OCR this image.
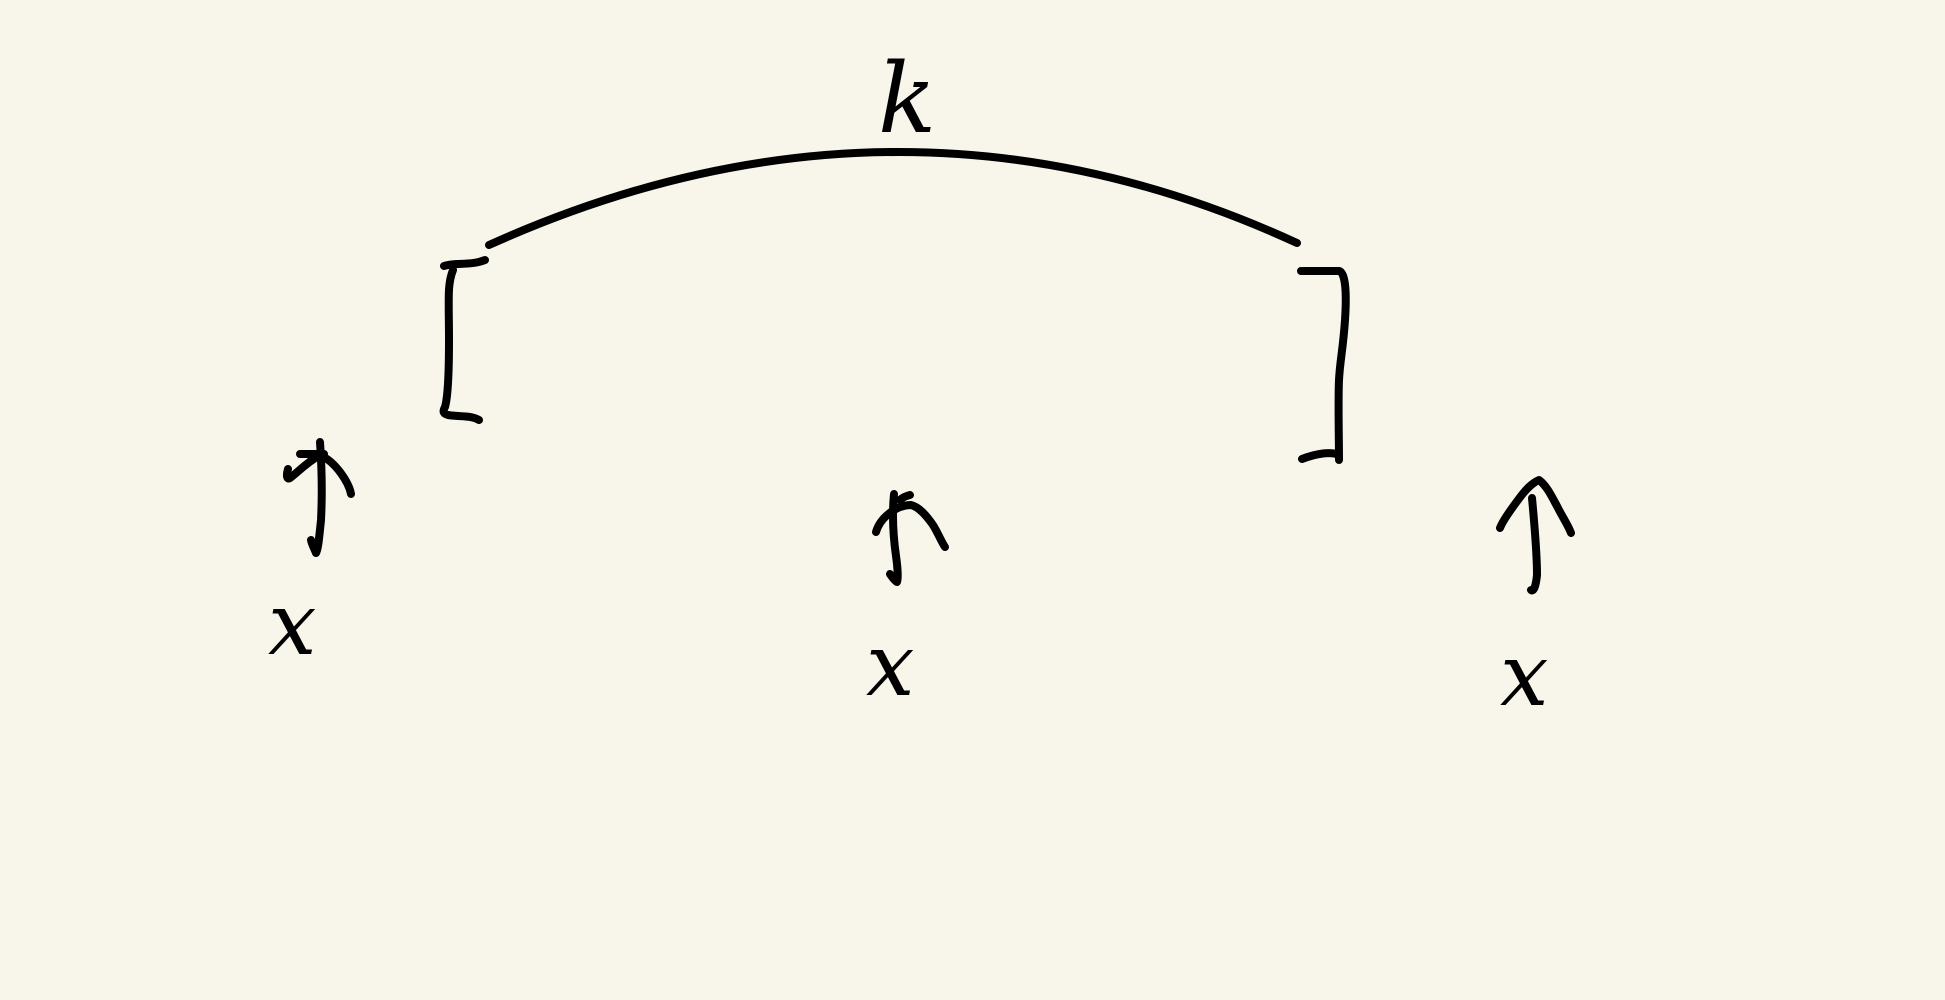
k
x	x	x
